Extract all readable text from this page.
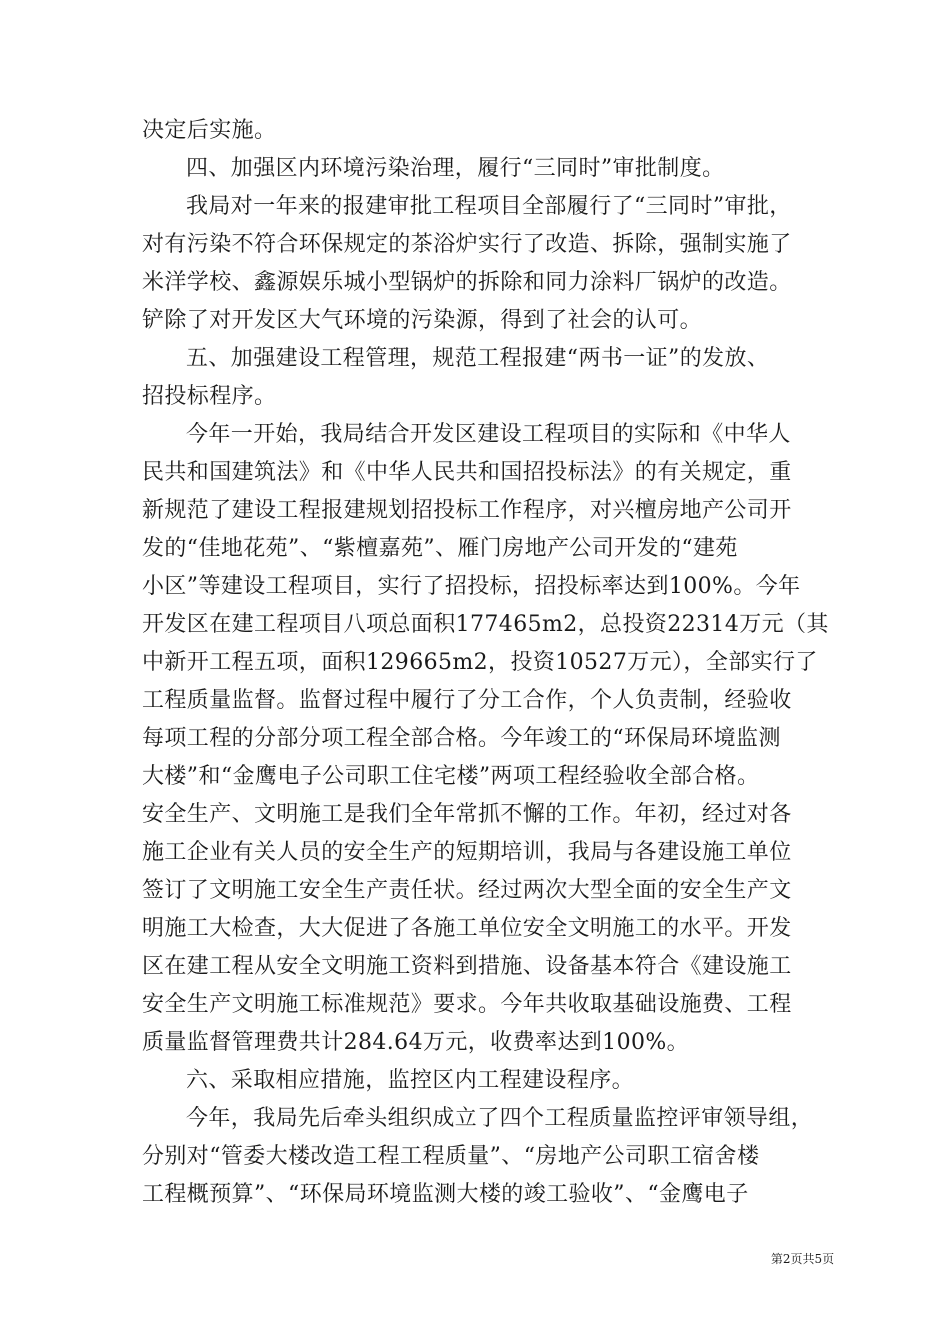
决定后实施。
四、加强区内环境污染治理，履行“三同时”审批制度。
我局对一年来的报建审批工程项目全部履行了“三同时”审批，
对有污染不符合环保规定的茶浴炉实行了改造、拆除，强制实施了
米洋学校、鑫源娱乐城小型锅炉的拆除和同力涂料厂锅炉的改造。
铲除了对开发区大气环境的污染源，得到了社会的认可。
五、加强建设工程管理，规范工程报建“两书一证”的发放、
招投标程序。
今年一开始，我局结合开发区建设工程项目的实际和《中华人
民共和国建筑法》和《中华人民共和国招投标法》的有关规定，重
新规范了建设工程报建规划招投标工作程序，对兴檀房地产公司开
发的“佳地花苑”、“紫檀嘉苑”、雁门房地产公司开发的“建苑
小区”等建设工程项目，实行了招投标，招投标率达到100%。今年
开发区在建工程项目八项总面积177465m2，总投资22314万元（其
中新开工程五项，面积129665m2，投资10527万元），全部实行了
工程质量监督。监督过程中履行了分工合作，个人负责制，经验收
每项工程的分部分项工程全部合格。今年竣工的“环保局环境监测
大楼”和“金鹰电子公司职工住宅楼”两项工程经验收全部合格。
安全生产、文明施工是我们全年常抓不懈的工作。年初，经过对各
施工企业有关人员的安全生产的短期培训，我局与各建设施工单位
签订了文明施工安全生产责任状。经过两次大型全面的安全生产文
明施工大检查，大大促进了各施工单位安全文明施工的水平。开发
区在建工程从安全文明施工资料到措施、设备基本符合《建设施工
安全生产文明施工标准规范》要求。今年共收取基础设施费、工程
质量监督管理费共计284.64万元，收费率达到100%。
六、采取相应措施，监控区内工程建设程序。
今年，我局先后牵头组织成立了四个工程质量监控评审领导组，
分别对“管委大楼改造工程工程质量”、“房地产公司职工宿舍楼
工程概预算”、“环保局环境监测大楼的竣工验收”、“金鹰电子
第2页共5页
